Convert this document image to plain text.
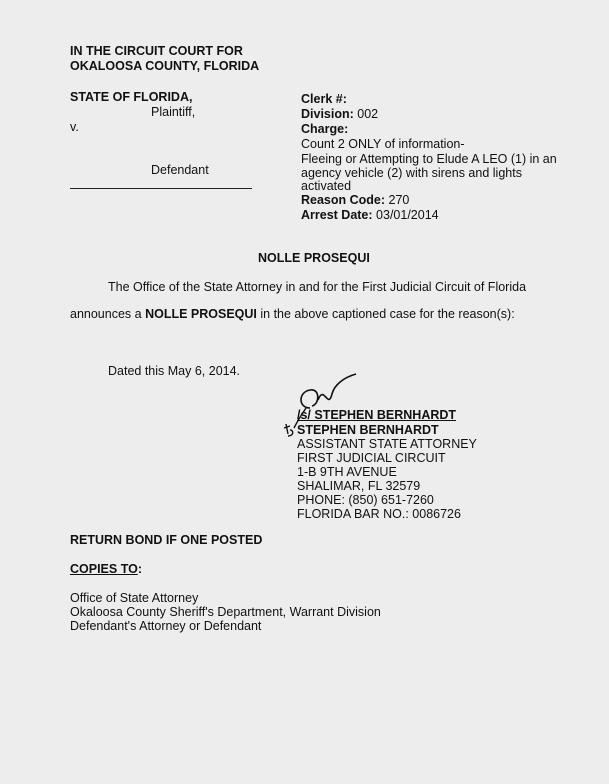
IN THE CIRCUIT COURT FOR
OKALOOSA COUNTY, FLORIDA
STATE OF FLORIDA,
Plaintiff,
v.
Defendant
Clerk #:
Division: 002
Charge:
Count 2 ONLY of information-
Fleeing or Attempting to Elude A LEO (1) in an
agency vehicle (2) with sirens and lights
activated
Reason Code: 270
Arrest Date: 03/01/2014
NOLLE PROSEQUI
The Office of the State Attorney in and for the First Judicial Circuit of Florida
announces a NOLLE PROSEQUI in the above captioned case for the reason(s):
Dated this May 6, 2014.
/s/ STEPHEN BERNHARDT
STEPHEN BERNHARDT
ASSISTANT STATE ATTORNEY
FIRST JUDICIAL CIRCUIT
1-B 9TH AVENUE
SHALIMAR, FL 32579
PHONE: (850) 651-7260
FLORIDA BAR NO.: 0086726
RETURN BOND IF ONE POSTED
COPIES TO:
Office of State Attorney
Okaloosa County Sheriff's Department, Warrant Division
Defendant's Attorney or Defendant
